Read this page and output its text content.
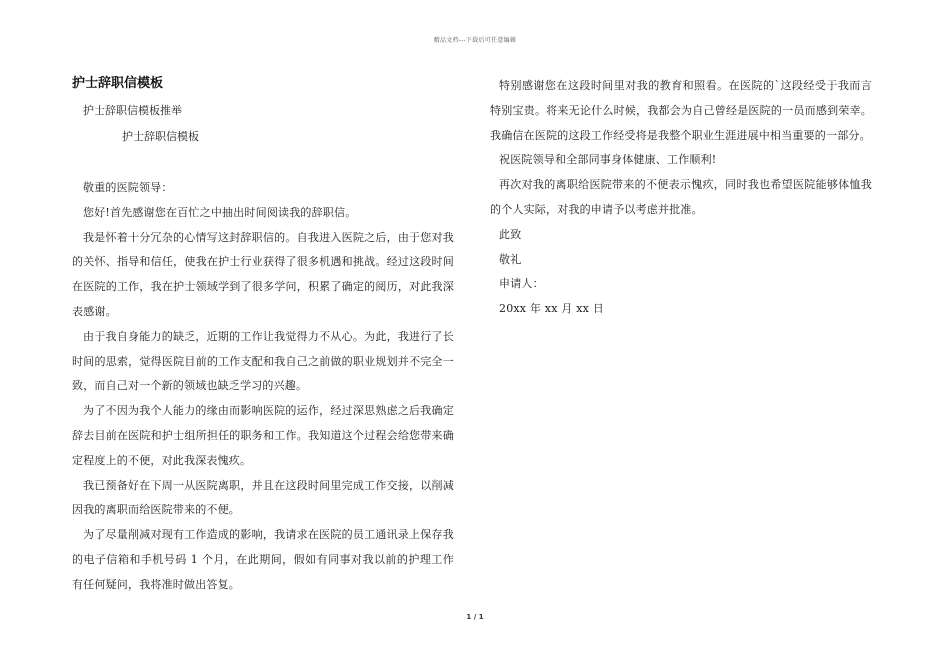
精品文档---下载后可任意编辑
护士辞职信模板
护士辞职信模板推举
护士辞职信模板

敬重的医院领导：

您好!首先感谢您在百忙之中抽出时间阅读我的辞职信。

我是怀着十分冗杂的心情写这封辞职信的。自我进入医院之后，由于您对我的关怀、指导和信任，使我在护士行业获得了很多机遇和挑战。经过这段时间在医院的工作，我在护士领域学到了很多学问，积累了确定的阅历，对此我深表感谢。

由于我自身能力的缺乏，近期的工作让我觉得力不从心。为此，我进行了长时间的思索，觉得医院目前的工作支配和我自己之前做的职业规划并不完全一致，而自己对一个新的领域也缺乏学习的兴趣。

为了不因为我个人能力的缘由而影响医院的运作，经过深思熟虑之后我确定辞去目前在医院和护士组所担任的职务和工作。我知道这个过程会给您带来确定程度上的不便，对此我深表愧疚。

我已预备好在下周一从医院离职，并且在这段时间里完成工作交接，以削减因我的离职而给医院带来的不便。

为了尽量削减对现有工作造成的影响，我请求在医院的员工通讯录上保存我的电子信箱和手机号码 1 个月，在此期间，假如有同事对我以前的护理工作有任何疑问，我将准时做出答复。

特别感谢您在这段时间里对我的教育和照看。在医院的`这段经受于我而言特别宝贵。将来无论什么时候，我都会为自己曾经是医院的一员而感到荣幸。我确信在医院的这段工作经受将是我整个职业生涯进展中相当重要的一部分。

祝医院领导和全部同事身体健康、工作顺利!

再次对我的离职给医院带来的不便表示愧疚，同时我也希望医院能够体恤我的个人实际，对我的申请予以考虑并批准。

此致

敬礼

申请人：

20xx 年 xx 月 xx 日

1 / 1
